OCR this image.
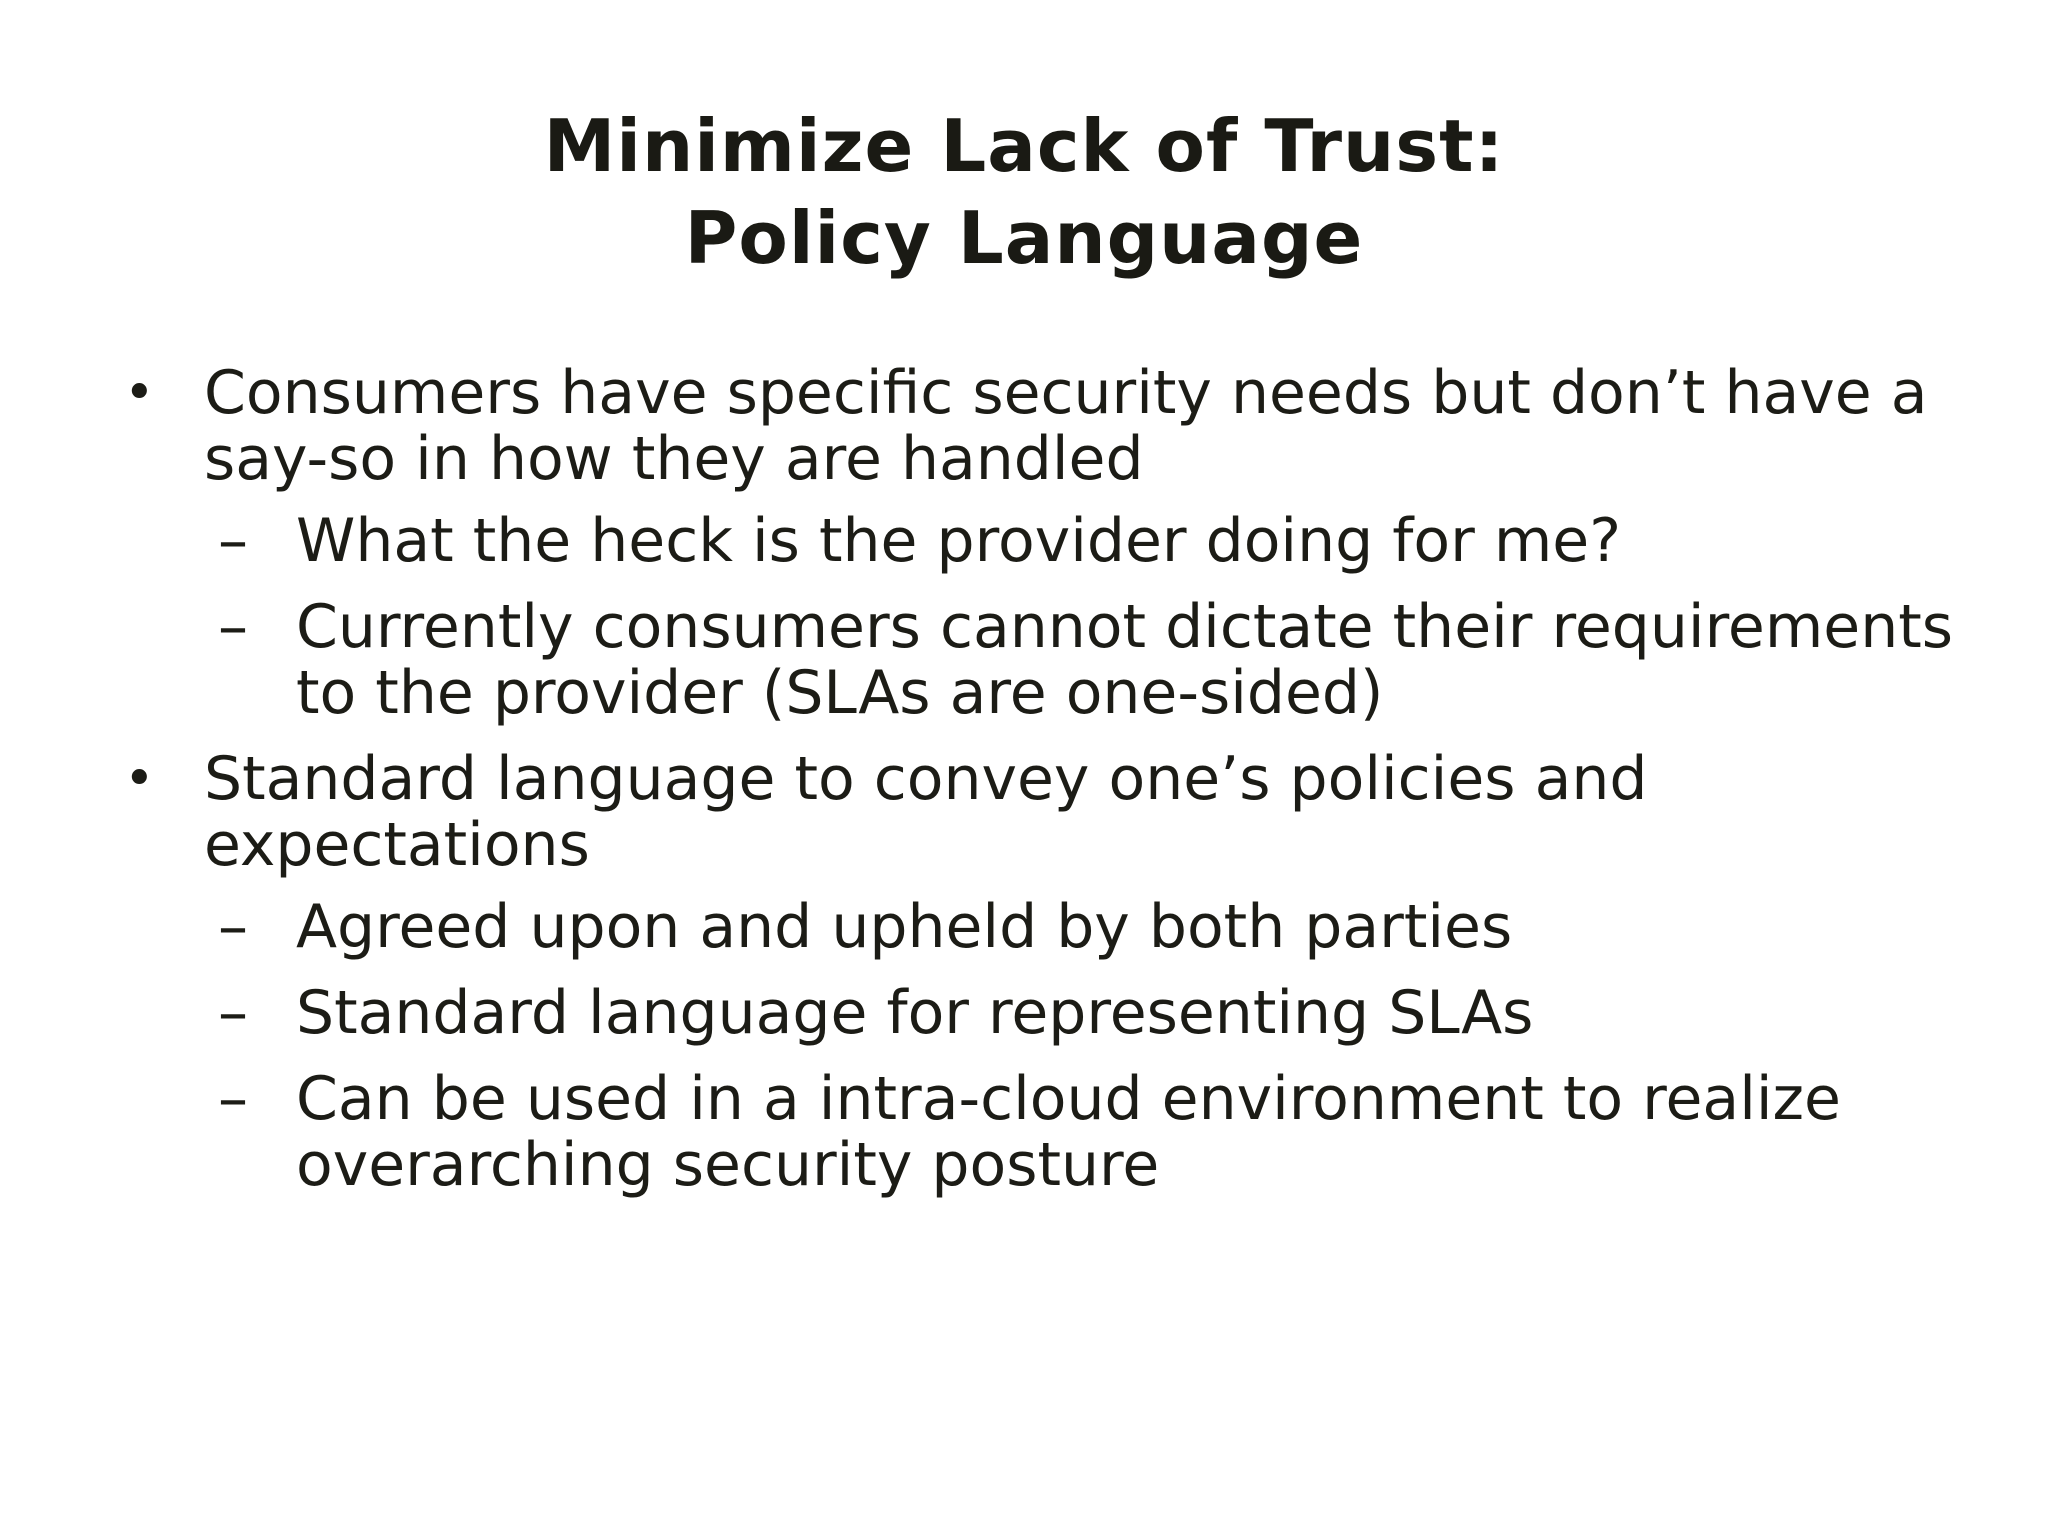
Minimize Lack of Trust:
Policy Language
• Consumers have specific security needs but don’t have a say-so in how they are handled
– What the heck is the provider doing for me?
– Currently consumers cannot dictate their requirements to the provider (SLAs are one-sided)
• Standard language to convey one’s policies and expectations
– Agreed upon and upheld by both parties
– Standard language for representing SLAs
– Can be used in a intra-cloud environment to realize overarching security posture
